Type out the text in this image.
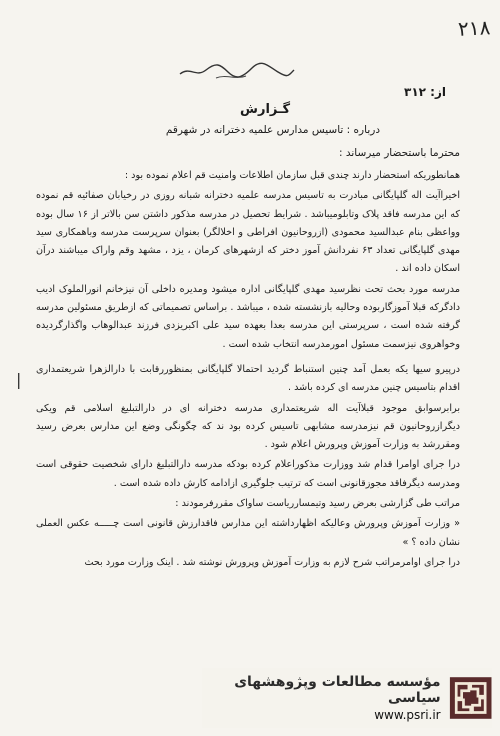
۲۱۸
از: ۳۱۲
گـزارش
درباره : تاسیس مدارس علمیه دخترانه در شهرقم
محترما باستحضار میرساند :

همانطوریکه استحضار دارند چندی قبل سازمان اطلاعات وامنیت قم اعلام نموده بود :

اخیراآیت اله گلپایگانی مبادرت به تاسیس مدرسه علمیه دخترانه شبانه روزی در رخیابان صفائیه قم نموده که این مدرسه فاقد پلاک وتابلومیباشد . شرایط تحصیل در مدرسه مذکور داشتن سن بالاتر از ۱۶ سال بوده وواعظی بنام عبدالسید محمودی (ازروحانیون افراطی و اخلالگر) بعنوان سرپرست مدرسه وباهمکاری سید مهدی گلپایگانی تعداد ۶۳ نفردانش آموز دختر که ازشهرهای کرمان ، یزد ، مشهد وقم واراک میباشند درآن اسکان داده اند .

مدرسه مورد بحث تحت نظرسید مهدی گلپایگانی اداره میشود ومدیره داخلی آن نیزخانم انورالملوک ادیب دادگرکه قبلا آموزگاربوده وحالیه بازنشسته شده ، میباشد . براساس تصمیماتی که ازطریق مسئولین مدرسه گرفته شده است ، سرپرستی این مدرسه بعدا بعهده سید علی اکبریزدی فرزند عبدالوهاب واگذارگردیده وخواهروی نیزسمت مسئول امورمدرسه انتخاب شده است .

درپیرو سیها یکه بعمل آمد چنین استنباط گردید احتمالا گلپایگانی بمنظوررقابت با دارالزهرا شریعتمداری اقدام بتاسیس چنین مدرسه ای کرده باشد .

برابرسوابق موجود قبلاآیت اله شریعتمداری مدرسه دخترانه ای در دارالتبلیغ اسلامی قم ویکی دیگرازروحانیون قم نیزمدرسه مشابهی تاسیس کرده بود ند که چگونگی وضع این مدارس بعرض رسید ومقررشد به وزارت آموزش وپرورش اعلام شود .

درا جرای اوامرا قدام شد ووزارت مذکوراعلام کرده بودکه مدرسه دارالتبلیغ دارای شخصیت حقوقی است ومدرسه دیگرفاقد مجوزقانونی است که ترتیب جلوگیری ازادامه کارش داده شده است .

مراتب طی گزارشی بعرض رسید وتیمساررياست ساواک مقررفرمودند :

« وزارت آموزش وپرورش وعالیکه اظهارداشته این مدارس فاقدارزش قانونی است چـــــه عکس العملی نشان داده ؟ »

درا جرای اوامرمراتب شرح لازم به وزارت آموزش وپرورش نوشته شد . اینک وزارت مورد بحث

|
مؤسسه مطالعات وپژوهشهای سیاسی
www.psri.ir
